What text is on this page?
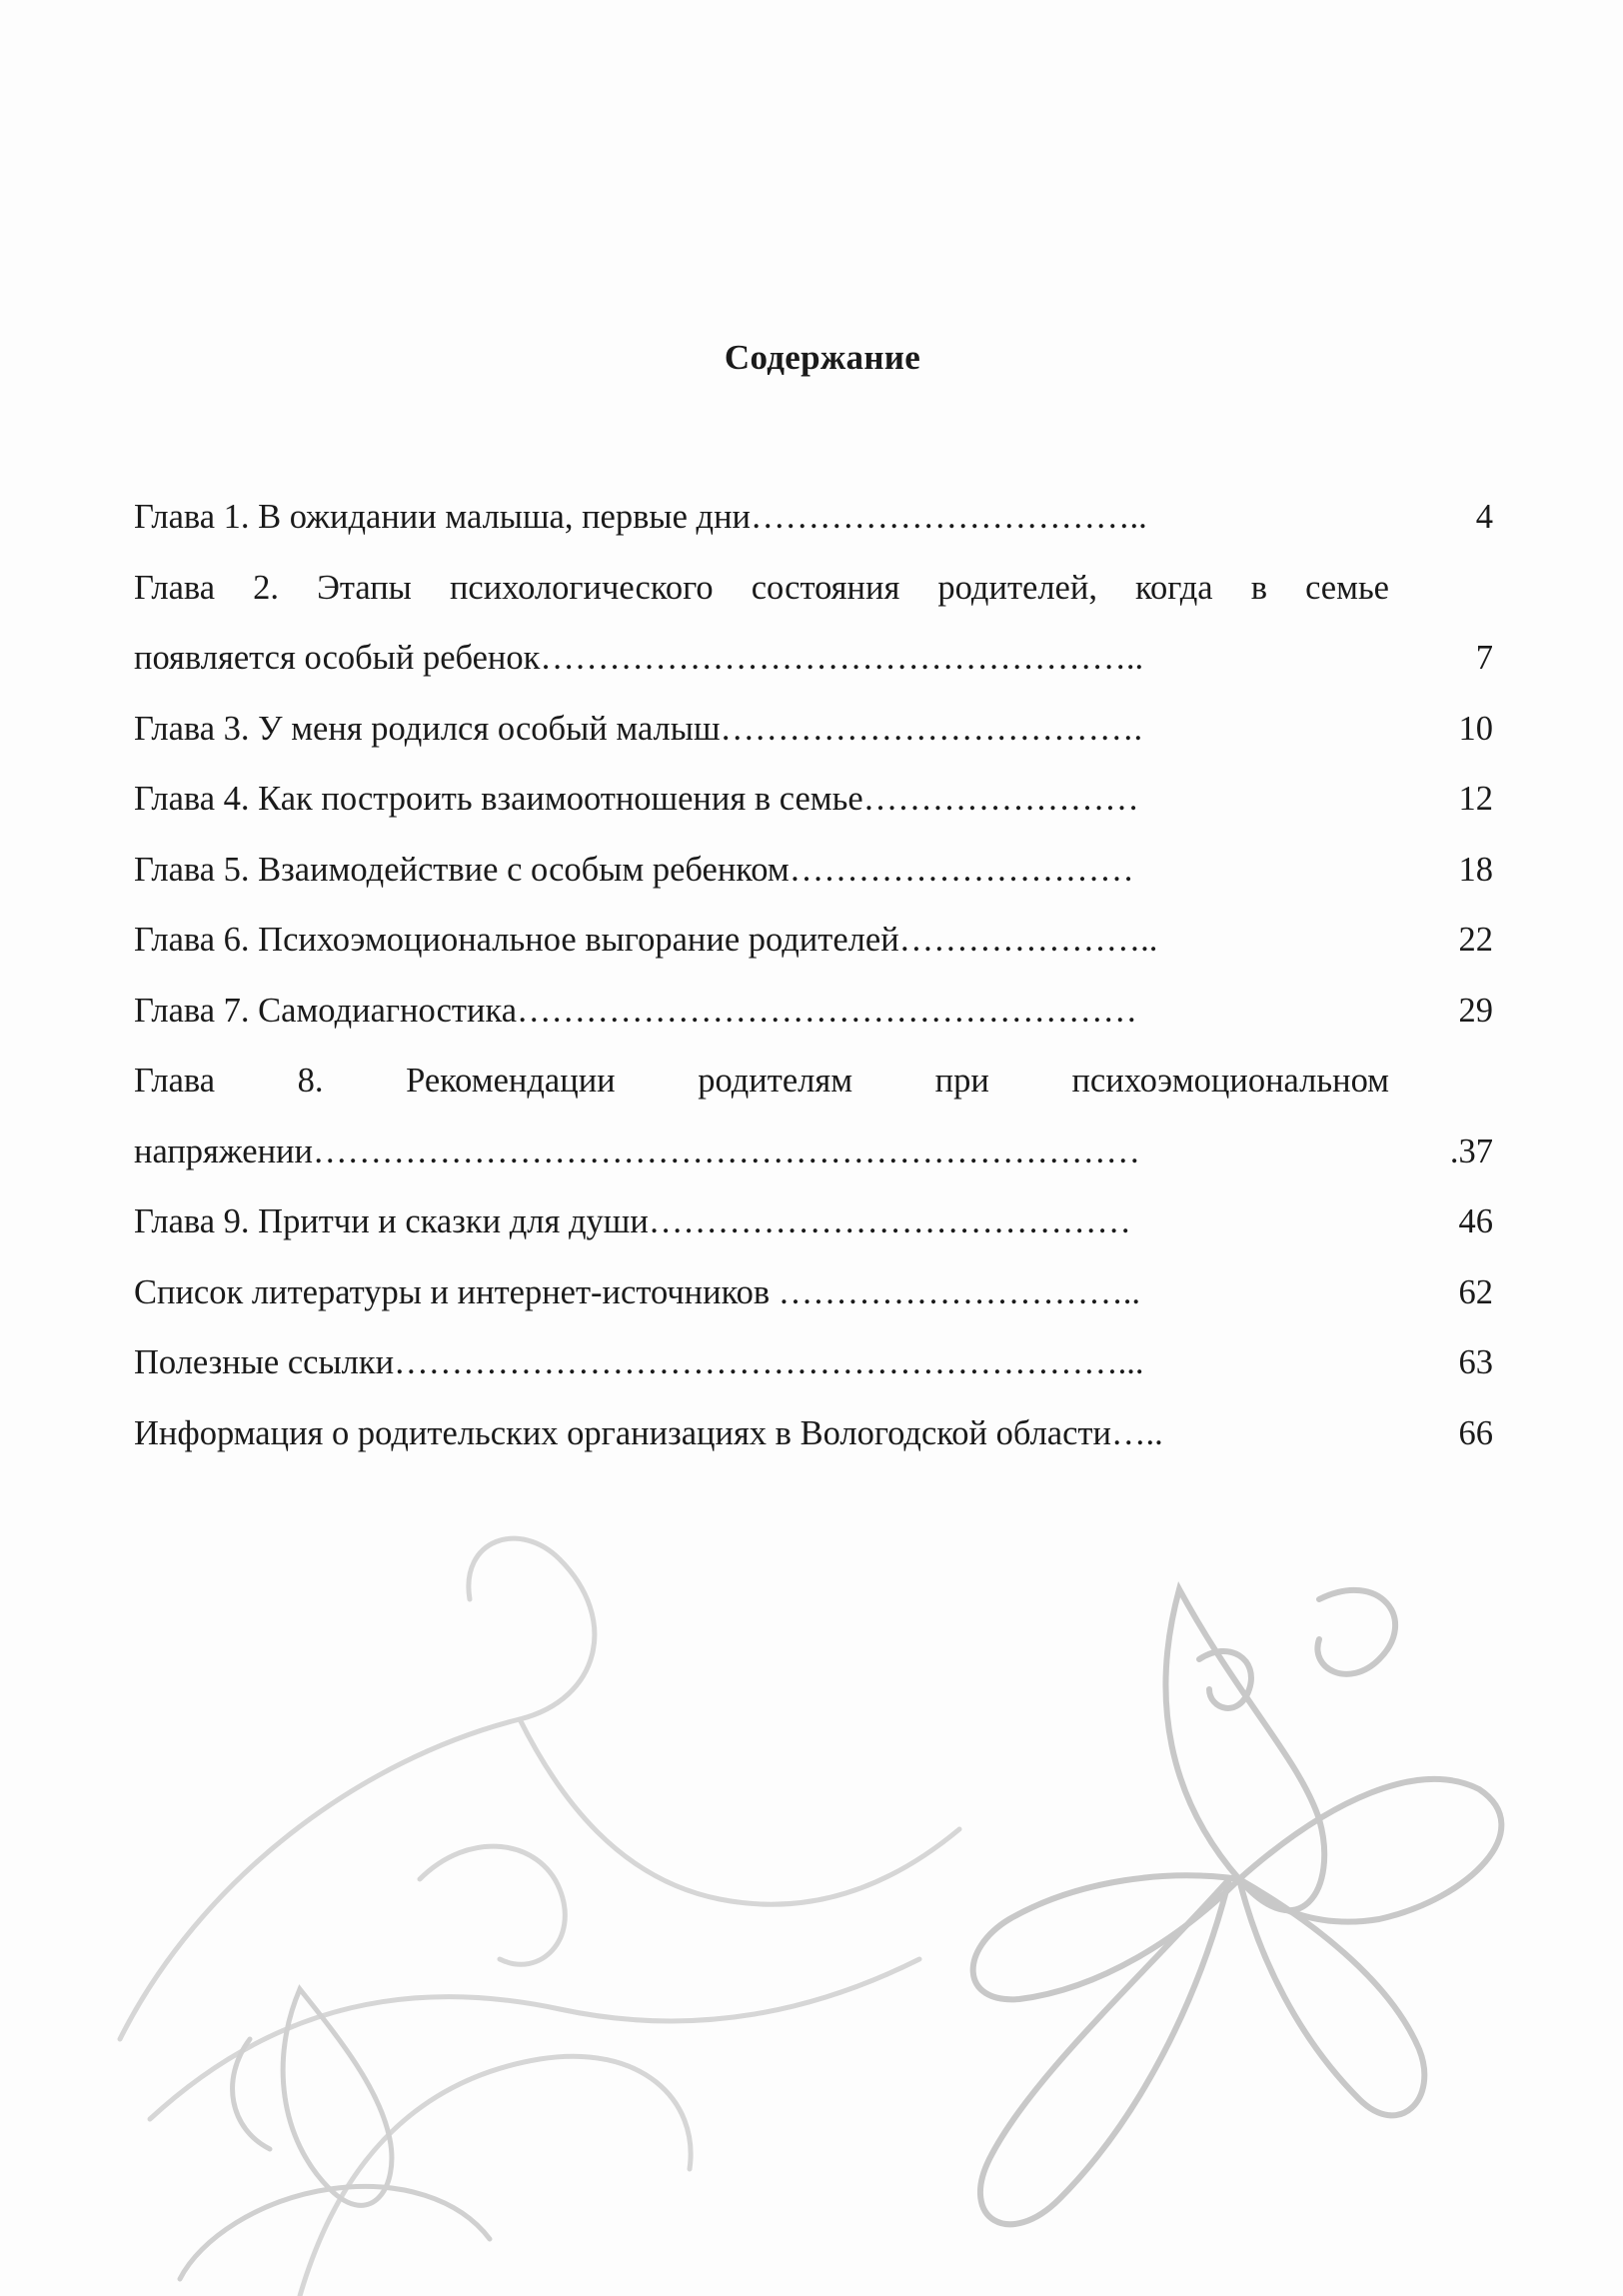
Содержание
Глава 1. В ожидании малыша, первые дни……………………………..	4
Глава 2. Этапы психологического состояния родителей, когда в семье
появляется особый ребенок……………………………………………..	7
Глава 3. У меня родился особый малыш……………………………….	10
Глава 4. Как построить взаимоотношения в семье……………………	12
Глава 5. Взаимодействие с особым ребенком…………………………	18
Глава 6. Психоэмоциональное выгорание родителей…………………..	22
Глава 7. Самодиагностика………………………………………………	29
Глава 8. Рекомендации родителям при психоэмоциональном
напряжении………………………………………………………………	.37
Глава 9. Притчи и сказки для души……………………………………	46
Список литературы и интернет-источников …………………………..	62
Полезные ссылки………………………………………………………...	63
Информация о родительских организациях в Вологодской области…..	66
